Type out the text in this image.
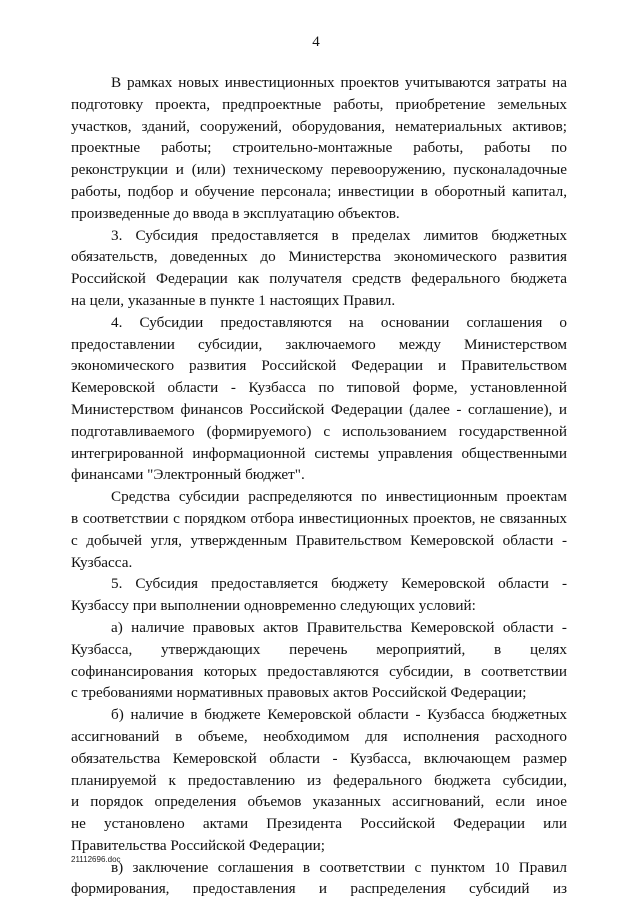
4
В рамках новых инвестиционных проектов учитываются затраты на
подготовку проекта, предпроектные работы, приобретение земельных
участков, зданий, сооружений, оборудования, нематериальных активов;
проектные работы; строительно-монтажные работы, работы по
реконструкции и (или) техническому перевооружению, пусконаладочные
работы, подбор и обучение персонала; инвестиции в оборотный капитал,
произведенные до ввода в эксплуатацию объектов.
3. Субсидия предоставляется в пределах лимитов бюджетных
обязательств, доведенных до Министерства экономического развития
Российской Федерации как получателя средств федерального бюджета
на цели, указанные в пункте 1 настоящих Правил.
4. Субсидии предоставляются на основании соглашения о
предоставлении субсидии, заключаемого между Министерством
экономического развития Российской Федерации и Правительством
Кемеровской области - Кузбасса по типовой форме, установленной
Министерством финансов Российской Федерации (далее - соглашение), и
подготавливаемого (формируемого) с использованием государственной
интегрированной информационной системы управления общественными
финансами "Электронный бюджет".
Средства субсидии распределяются по инвестиционным проектам
в соответствии с порядком отбора инвестиционных проектов, не связанных
с добычей угля, утвержденным Правительством Кемеровской области -
Кузбасса.
5. Субсидия предоставляется бюджету Кемеровской области -
Кузбассу при выполнении одновременно следующих условий:
а) наличие правовых актов Правительства Кемеровской области -
Кузбасса, утверждающих перечень мероприятий, в целях
софинансирования которых предоставляются субсидии, в соответствии
с требованиями нормативных правовых актов Российской Федерации;
б) наличие в бюджете Кемеровской области - Кузбасса бюджетных
ассигнований в объеме, необходимом для исполнения расходного
обязательства Кемеровской области - Кузбасса, включающем размер
планируемой к предоставлению из федерального бюджета субсидии,
и порядок определения объемов указанных ассигнований, если иное
не установлено актами Президента Российской Федерации или
Правительства Российской Федерации;
в) заключение соглашения в соответствии с пунктом 10 Правил
формирования, предоставления и распределения субсидий из
21112696.doc
